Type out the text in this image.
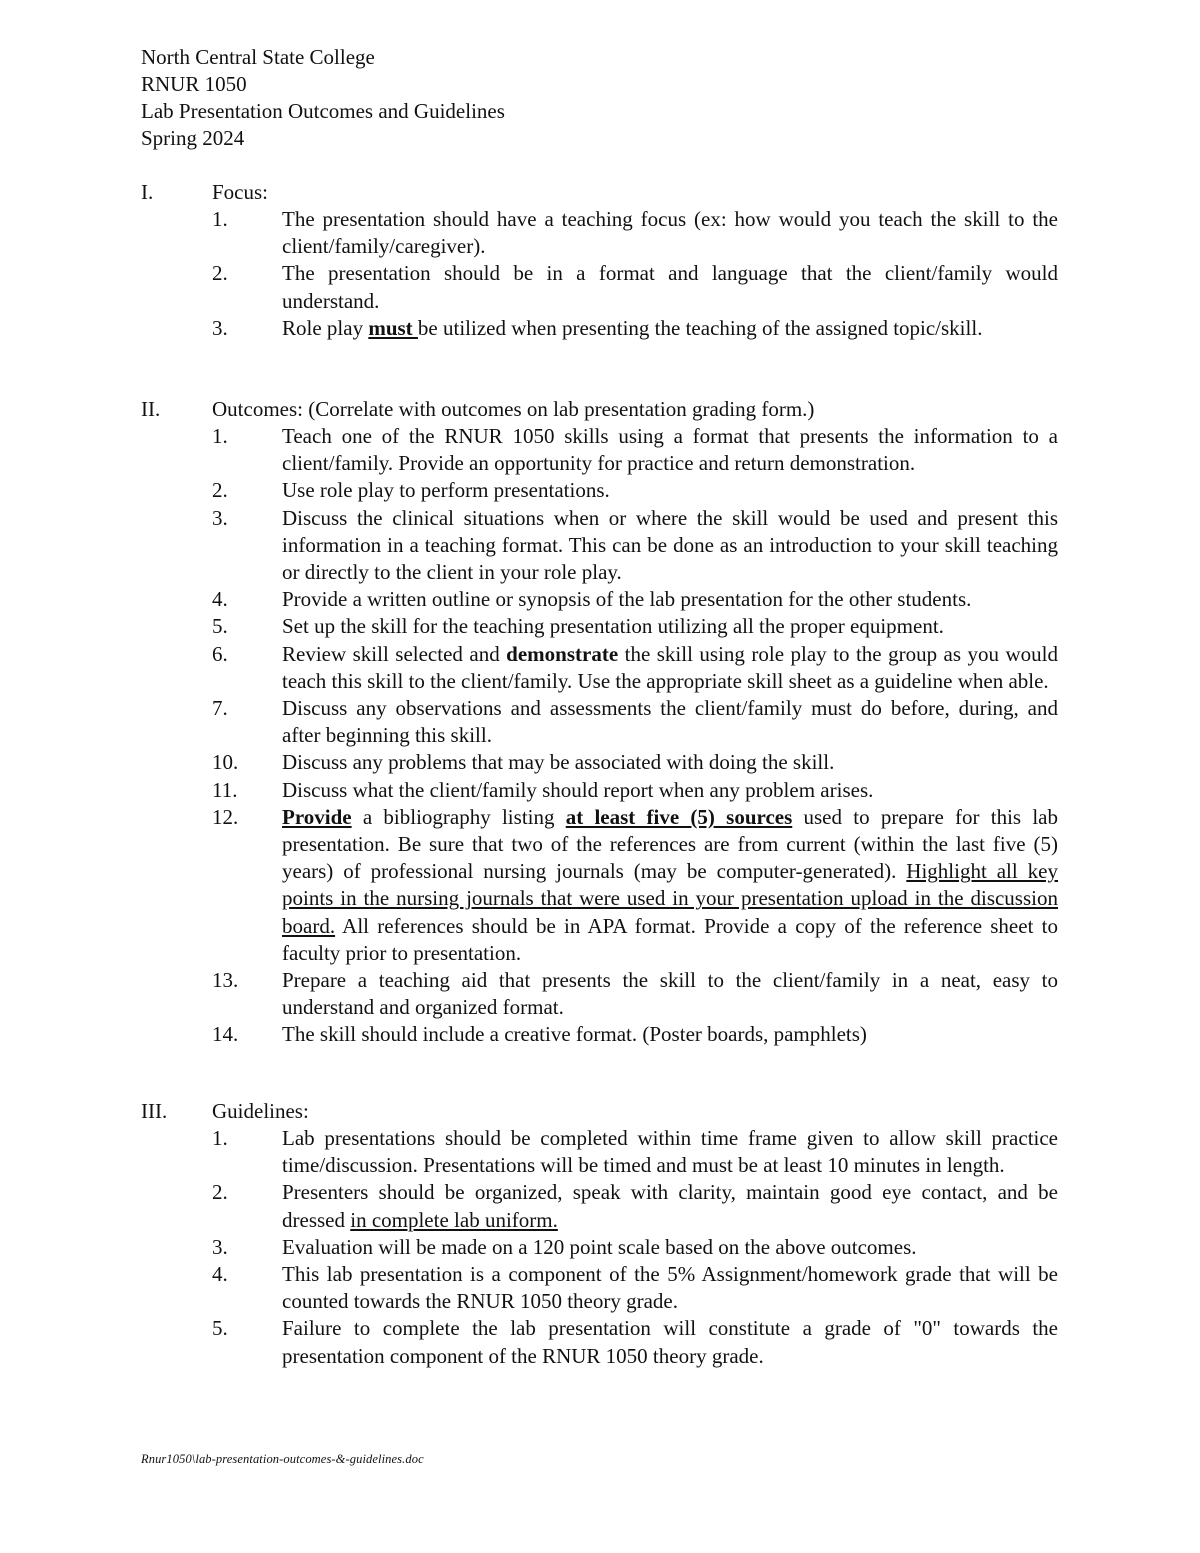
North Central State College
RNUR 1050
Lab Presentation Outcomes and Guidelines
Spring 2024
I.	Focus:
1.	The presentation should have a teaching focus (ex: how would you teach the skill to the client/family/caregiver).
2.	The presentation should be in a format and language that the client/family would understand.
3.	Role play must be utilized when presenting the teaching of the assigned topic/skill.
II. Outcomes: (Correlate with outcomes on lab presentation grading form.)
1.	Teach one of the RNUR 1050 skills using a format that presents the information to a client/family. Provide an opportunity for practice and return demonstration.
2.	Use role play to perform presentations.
3.	Discuss the clinical situations when or where the skill would be used and present this information in a teaching format. This can be done as an introduction to your skill teaching or directly to the client in your role play.
4.	Provide a written outline or synopsis of the lab presentation for the other students.
5.	Set up the skill for the teaching presentation utilizing all the proper equipment.
6.	Review skill selected and demonstrate the skill using role play to the group as you would teach this skill to the client/family. Use the appropriate skill sheet as a guideline when able.
7.	Discuss any observations and assessments the client/family must do before, during, and after beginning this skill.
10. Discuss any problems that may be associated with doing the skill.
11. Discuss what the client/family should report when any problem arises.
12. Provide a bibliography listing at least five (5) sources used to prepare for this lab presentation. Be sure that two of the references are from current (within the last five (5) years) of professional nursing journals (may be computer-generated). Highlight all key points in the nursing journals that were used in your presentation upload in the discussion board. All references should be in APA format. Provide a copy of the reference sheet to faculty prior to presentation.
13. Prepare a teaching aid that presents the skill to the client/family in a neat, easy to understand and organized format.
14. The skill should include a creative format. (Poster boards, pamphlets)
III. Guidelines:
1.	Lab presentations should be completed within time frame given to allow skill practice time/discussion. Presentations will be timed and must be at least 10 minutes in length.
2.	Presenters should be organized, speak with clarity, maintain good eye contact, and be dressed in complete lab uniform.
3.	Evaluation will be made on a 120 point scale based on the above outcomes.
4.	This lab presentation is a component of the 5% Assignment/homework grade that will be counted towards the RNUR 1050 theory grade.
5.	Failure to complete the lab presentation will constitute a grade of "0" towards the presentation component of the RNUR 1050 theory grade.
Rnur1050\lab-presentation-outcomes-&-guidelines.doc
